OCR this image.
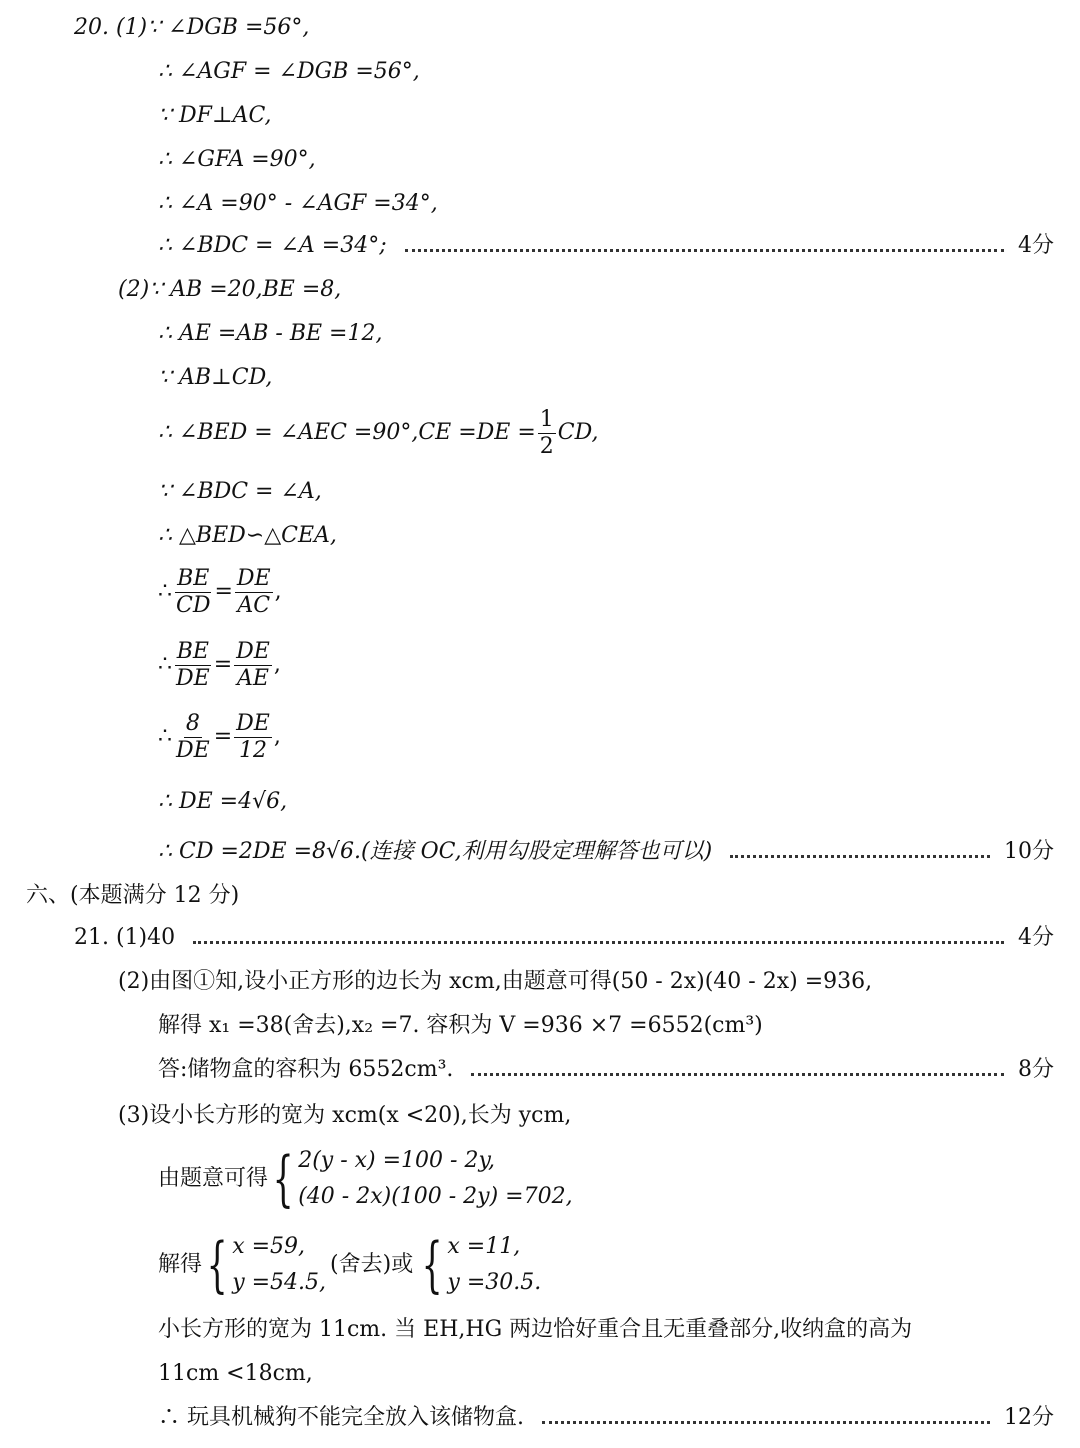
20. (1)∵ ∠DGB =56°,
∴ ∠AGF = ∠DGB =56°,
∵ DF⊥AC,
∴ ∠GFA =90°,
∴ ∠A =90° - ∠AGF =34°,
∴ ∠BDC = ∠A =34°;	4分
(2)∵ AB =20,BE =8,
∴ AE =AB - BE =12,
∵ AB⊥CD,
∴ ∠BED = ∠AEC $=90^\circ,CE =DE = \frac{1}{2}$ CD,
∵ ∠BDC = ∠A,
∴ △BED∽△CEA,
∴ $\frac{BE}{CD} = \frac{DE}{AC}$ ,
∴ $\frac{BE}{DE} = \frac{DE}{AE}$ ,
∴ $\frac{8}{DE} = \frac{DE}{12}$ ,
∴ DE =4√6,
∴ CD =2DE =8√6.(连接 OC,利用勾股定理解答也可以)	10分
六、(本题满分 12 分)
21. (1)40	4分
(2)由图①知,设小正方形的边长为 xcm,由题意可得(50 - 2x)(40 - 2x) =936,
解得 x₁ =38(舍去),x₂ =7. 容积为 V =936 ×7 =6552(cm³)
答:储物盒的容积为 6552cm³.	8分
(3)设小长方形的宽为 xcm(x <20),长为 ycm,
由题意可得 { 2(y - x) =100 - 2y,
(40 - 2x)(100 - 2y) =702,
解得 { x =59,
y =54.5,
(舍去)或 { x =11,
y =30.5.
小长方形的宽为 11cm. 当 EH,HG 两边恰好重合且无重叠部分,收纳盒的高为
11cm <18cm,
∴ 玩具机械狗不能完全放入该储物盒.	12分
